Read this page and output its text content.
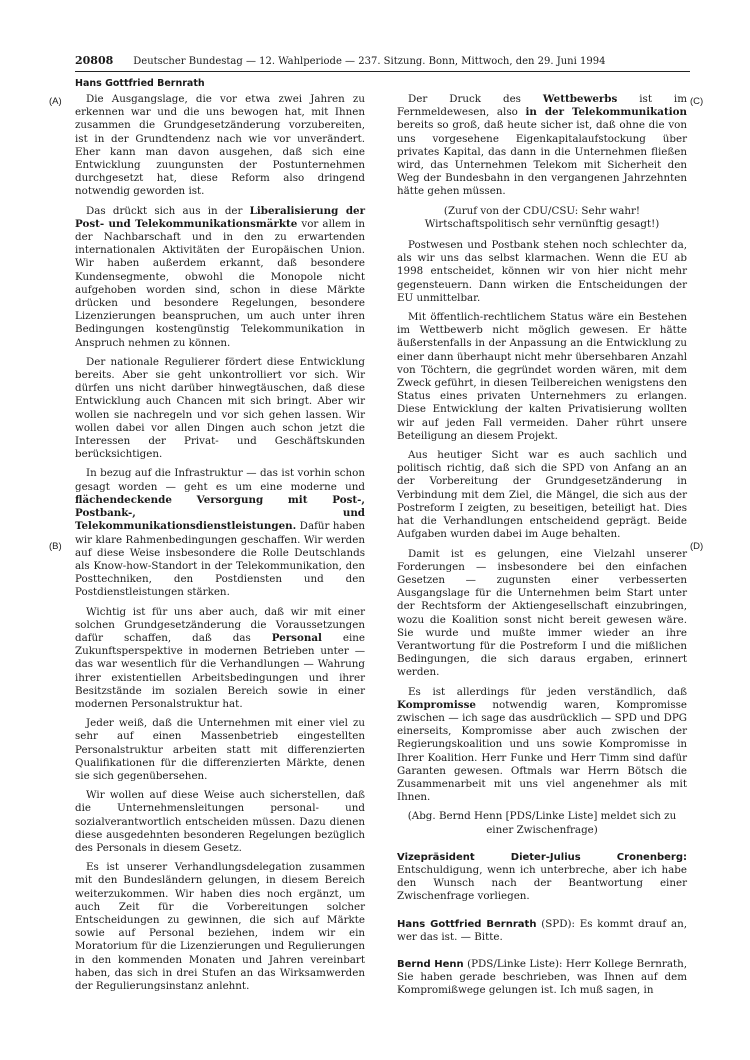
20808 Deutscher Bundestag — 12. Wahlperiode — 237. Sitzung. Bonn, Mittwoch, den 29. Juni 1994
Hans Gottfried Bernrath
(A)
(B)
(C)
(D)

Die Ausgangslage, die vor etwa zwei Jahren zu erkennen war und die uns bewogen hat, mit Ihnen zusammen die Grundgesetzänderung vorzubereiten, ist in der Grundtendenz nach wie vor unverändert. Eher kann man davon ausgehen, daß sich eine Entwicklung zuungunsten der Postunternehmen durchgesetzt hat, diese Reform also dringend notwendig geworden ist.

Das drückt sich aus in der Liberalisierung der Post- und Telekommunikationsmärkte vor allem in der Nachbarschaft und in den zu erwartenden internationalen Aktivitäten der Europäischen Union. Wir haben außerdem erkannt, daß besondere Kundensegmente, obwohl die Monopole nicht aufgehoben worden sind, schon in diese Märkte drücken und besondere Regelungen, besondere Lizenzierungen beanspruchen, um auch unter ihren Bedingungen kostengünstig Telekommunikation in Anspruch nehmen zu können.

Der nationale Regulierer fördert diese Entwicklung bereits. Aber sie geht unkontrolliert vor sich. Wir dürfen uns nicht darüber hinwegtäuschen, daß diese Entwicklung auch Chancen mit sich bringt. Aber wir wollen sie nachregeln und vor sich gehen lassen. Wir wollen dabei vor allen Dingen auch schon jetzt die Interessen der Privat- und Geschäftskunden berücksichtigen.

In bezug auf die Infrastruktur — das ist vorhin schon gesagt worden — geht es um eine moderne und flächendeckende Versorgung mit Post-, Postbank-, und Telekommunikationsdienstleistungen. Dafür haben wir klare Rahmenbedingungen geschaffen. Wir werden auf diese Weise insbesondere die Rolle Deutschlands als Know-how-Standort in der Telekommunikation, den Posttechniken, den Postdiensten und den Postdienstleistungen stärken.

Wichtig ist für uns aber auch, daß wir mit einer solchen Grundgesetzänderung die Voraussetzungen dafür schaffen, daß das Personal eine Zukunftsperspektive in modernen Betrieben unter — das war wesentlich für die Verhandlungen — Wahrung ihrer existentiellen Arbeitsbedingungen und ihrer Besitzstände im sozialen Bereich sowie in einer modernen Personalstruktur hat.

Jeder weiß, daß die Unternehmen mit einer viel zu sehr auf einen Massenbetrieb eingestellten Personalstruktur arbeiten statt mit differenzierten Qualifikationen für die differenzierten Märkte, denen sie sich gegenübersehen.

Wir wollen auf diese Weise auch sicherstellen, daß die Unternehmensleitungen personal- und sozialverantwortlich entscheiden müssen. Dazu dienen diese ausgedehnten besonderen Regelungen bezüglich des Personals in diesem Gesetz.

Es ist unserer Verhandlungsdelegation zusammen mit den Bundesländern gelungen, in diesem Bereich weiterzukommen. Wir haben dies noch ergänzt, um auch Zeit für die Vorbereitungen solcher Entscheidungen zu gewinnen, die sich auf Märkte sowie auf Personal beziehen, indem wir ein Moratorium für die Lizenzierungen und Regulierungen in den kommenden Monaten und Jahren vereinbart haben, das sich in drei Stufen an das Wirksamwerden der Regulierungsinstanz anlehnt.

Der Druck des Wettbewerbs ist im Fernmeldewesen, also in der Telekommunikation bereits so groß, daß heute sicher ist, daß ohne die von uns vorgesehene Eigenkapitalaufstockung über privates Kapital, das dann in die Unternehmen fließen wird, das Unternehmen Telekom mit Sicherheit den Weg der Bundesbahn in den vergangenen Jahrzehnten hätte gehen müssen.

(Zuruf von der CDU/CSU: Sehr wahr! Wirtschaftspolitisch sehr vernünftig gesagt!)

Postwesen und Postbank stehen noch schlechter da, als wir uns das selbst klarmachen. Wenn die EU ab 1998 entscheidet, können wir von hier nicht mehr gegensteuern. Dann wirken die Entscheidungen der EU unmittelbar.

Mit öffentlich-rechtlichem Status wäre ein Bestehen im Wettbewerb nicht möglich gewesen. Er hätte äußerstenfalls in der Anpassung an die Entwicklung zu einer dann überhaupt nicht mehr übersehbaren Anzahl von Töchtern, die gegründet worden wären, mit dem Zweck geführt, in diesen Teilbereichen wenigstens den Status eines privaten Unternehmers zu erlangen. Diese Entwicklung der kalten Privatisierung wollten wir auf jeden Fall vermeiden. Daher rührt unsere Beteiligung an diesem Projekt.

Aus heutiger Sicht war es auch sachlich und politisch richtig, daß sich die SPD von Anfang an an der Vorbereitung der Grundgesetzänderung in Verbindung mit dem Ziel, die Mängel, die sich aus der Postreform I zeigten, zu beseitigen, beteiligt hat. Dies hat die Verhandlungen entscheidend geprägt. Beide Aufgaben wurden dabei im Auge behalten.

Damit ist es gelungen, eine Vielzahl unserer Forderungen — insbesondere bei den einfachen Gesetzen — zugunsten einer verbesserten Ausgangslage für die Unternehmen beim Start unter der Rechtsform der Aktiengesellschaft einzubringen, wozu die Koalition sonst nicht bereit gewesen wäre. Sie wurde und mußte immer wieder an ihre Verantwortung für die Postreform I und die mißlichen Bedingungen, die sich daraus ergaben, erinnert werden.

Es ist allerdings für jeden verständlich, daß Kompromisse notwendig waren, Kompromisse zwischen — ich sage das ausdrücklich — SPD und DPG einerseits, Kompromisse aber auch zwischen der Regierungskoalition und uns sowie Kompromisse in Ihrer Koalition. Herr Funke und Herr Timm sind dafür Garanten gewesen. Oftmals war Herrn Bötsch die Zusammenarbeit mit uns viel angenehmer als mit Ihnen.

(Abg. Bernd Henn [PDS/Linke Liste] meldet sich zu einer Zwischenfrage)

Vizepräsident Dieter-Julius Cronenberg: Entschuldigung, wenn ich unterbreche, aber ich habe den Wunsch nach der Beantwortung einer Zwischenfrage vorliegen.

Hans Gottfried Bernrath (SPD): Es kommt drauf an, wer das ist. — Bitte.

Bernd Henn (PDS/Linke Liste): Herr Kollege Bernrath, Sie haben gerade beschrieben, was Ihnen auf dem Kompromißwege gelungen ist. Ich muß sagen, in
